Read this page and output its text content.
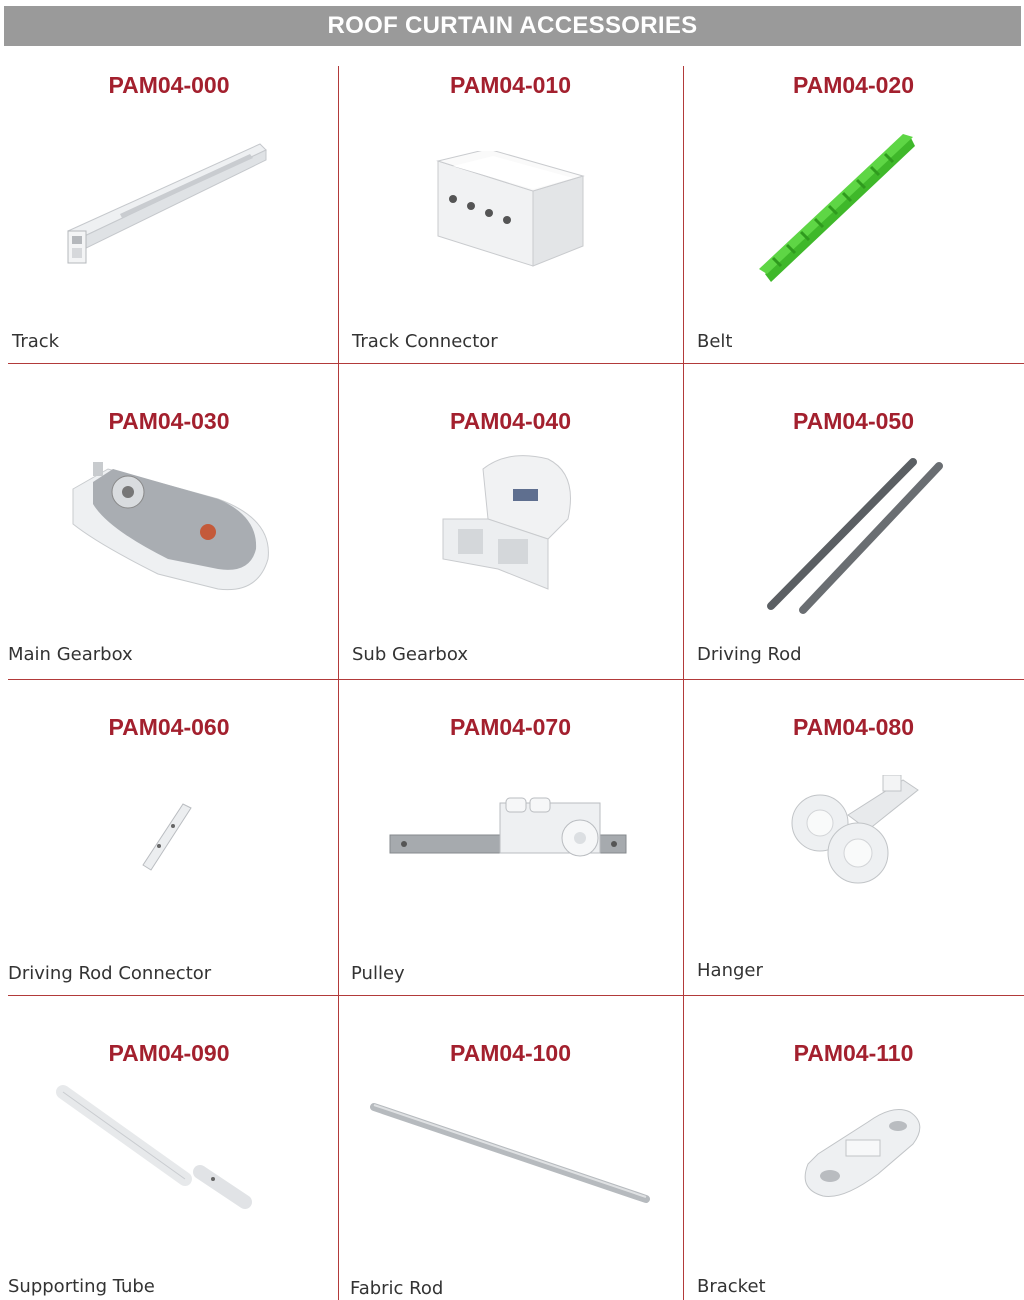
ROOF CURTAIN ACCESSORIES
PAM04-000
Track
PAM04-010
Track Connector
PAM04-020
Belt
PAM04-030
Main Gearbox
PAM04-040
Sub Gearbox
PAM04-050
Driving Rod
PAM04-060
Driving Rod Connector
PAM04-070
Pulley
PAM04-080
Hanger
PAM04-090
Supporting Tube
PAM04-100
Fabric Rod
PAM04-110
Bracket
